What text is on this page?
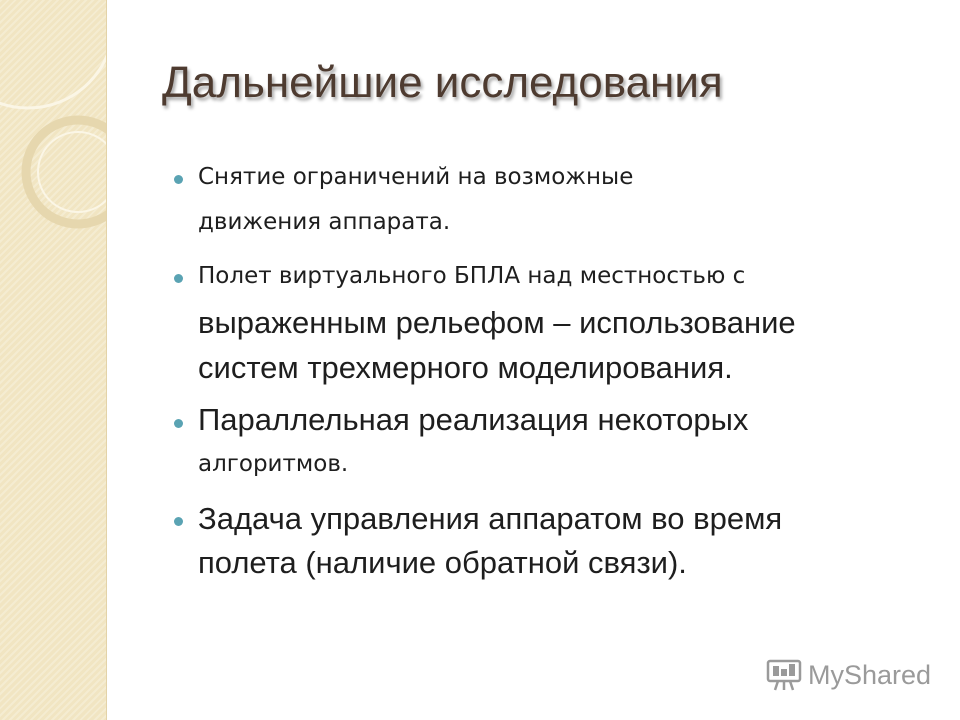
Дальнейшие исследования
Снятие ограничений на возможные
движения аппарата.
Полет виртуального БПЛА над местностью с
выраженным рельефом – использование
систем трехмерного моделирования.
Параллельная реализация некоторых
алгоритмов.
Задача управления аппаратом во время
полета (наличие обратной связи).
MyShared
